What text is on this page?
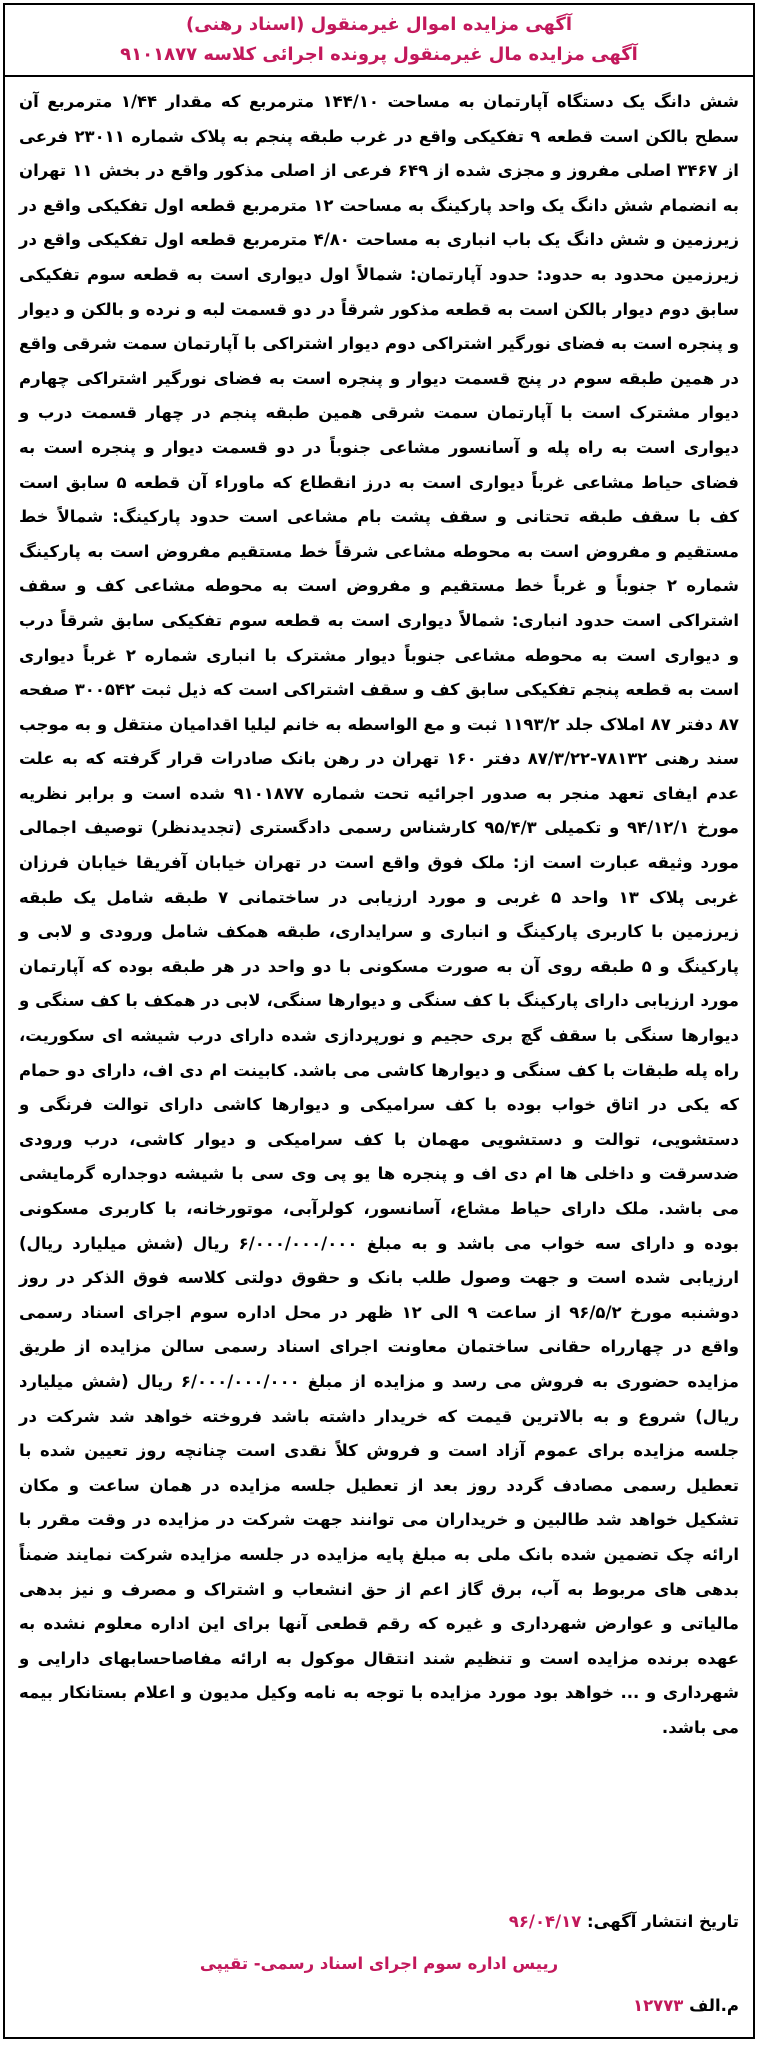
آگهی مزایده اموال غیرمنقول (اسناد رهنی)
آگهی مزایده مال غیرمنقول پرونده اجرائی کلاسه ۹۱۰۱۸۷۷
شش دانگ یک دستگاه آپارتمان به مساحت ۱۴۴/۱۰ مترمربع که مقدار ۱/۴۴ مترمربع آن سطح بالکن است قطعه ۹ تفکیکی واقع در غرب طبقه پنجم به پلاک شماره ۲۳۰۱۱ فرعی از ۳۴۶۷ اصلی مفروز و مجزی شده از ۶۴۹ فرعی از اصلی مذکور واقع در بخش ۱۱ تهران به انضمام شش دانگ یک واحد پارکینگ به مساحت ۱۲ مترمربع قطعه اول تفکیکی واقع در زیرزمین و شش دانگ یک باب انباری به مساحت ۴/۸۰ مترمربع قطعه اول تفکیکی واقع در زیرزمین محدود به حدود: حدود آپارتمان: شمالاً اول دیواری است به قطعه سوم تفکیکی سابق دوم دیوار بالکن است به قطعه مذکور شرقاً در دو قسمت لبه و نرده و بالکن و دیوار و پنجره است به فضای نورگیر اشتراکی دوم دیوار اشتراکی با آپارتمان سمت شرقی واقع در همین طبقه سوم در پنج قسمت دیوار و پنجره است به فضای نورگیر اشتراکی چهارم دیوار مشترک است با آپارتمان سمت شرقی همین طبقه پنجم در چهار قسمت درب و دیواری است به راه پله و آسانسور مشاعی جنوباً در دو قسمت دیوار و پنجره است به فضای حیاط مشاعی غرباً دیواری است به درز انقطاع که ماوراء آن قطعه ۵ سابق است کف با سقف طبقه تحتانی و سقف پشت بام مشاعی است حدود پارکینگ: شمالاً خط مستقیم و مفروض است به محوطه مشاعی شرقاً خط مستقیم مفروض است به پارکینگ شماره ۲ جنوباً و غرباً خط مستقیم و مفروض است به محوطه مشاعی کف و سقف اشتراکی است حدود انباری: شمالاً دیواری است به قطعه سوم تفکیکی سابق شرقاً درب و دیواری است به محوطه مشاعی جنوباً دیوار مشترک با انباری شماره ۲ غرباً دیواری است به قطعه پنجم تفکیکی سابق کف و سقف اشتراکی است که ذیل ثبت ۳۰۰۵۴۲ صفحه ۸۷ دفتر ۸۷ املاک جلد ۱۱۹۳/۲ ثبت و مع الواسطه به خانم لیلیا اقدامیان منتقل و به موجب سند رهنی ۷۸۱۳۲-۸۷/۳/۲۲ دفتر ۱۶۰ تهران در رهن بانک صادرات قرار گرفته که به علت عدم ایفای تعهد منجر به صدور اجرائیه تحت شماره ۹۱۰۱۸۷۷ شده است و برابر نظریه مورخ ۹۴/۱۲/۱ و تکمیلی ۹۵/۴/۳ کارشناس رسمی دادگستری (تجدیدنظر) توصیف اجمالی مورد وثیقه عبارت است از: ملک فوق واقع است در تهران خیابان آفریقا خیابان فرزان غربی پلاک ۱۳ واحد ۵ غربی و مورد ارزیابی در ساختمانی ۷ طبقه شامل یک طبقه زیرزمین با کاربری پارکینگ و انباری و سرایداری، طبقه همکف شامل ورودی و لابی و پارکینگ و ۵ طبقه روی آن به صورت مسکونی با دو واحد در هر طبقه بوده که آپارتمان مورد ارزیابی دارای پارکینگ با کف سنگی و دیوارها سنگی، لابی در همکف با کف سنگی و دیوارها سنگی با سقف گچ بری حجیم و نورپردازی شده دارای درب شیشه ای سکوریت، راه پله طبقات با کف سنگی و دیوارها کاشی می باشد. کابینت ام دی اف، دارای دو حمام که یکی در اتاق خواب بوده با کف سرامیکی و دیوارها کاشی دارای توالت فرنگی و دستشویی، توالت و دستشویی مهمان با کف سرامیکی و دیوار کاشی، درب ورودی ضدسرقت و داخلی ها ام دی اف و پنجره ها یو پی وی سی با شیشه دوجداره گرمایشی می باشد. ملک دارای حیاط مشاع، آسانسور، کولرآبی، موتورخانه، با کاربری مسکونی بوده و دارای سه خواب می باشد و به مبلغ ۶/۰۰۰/۰۰۰/۰۰۰ ریال (شش میلیارد ریال) ارزیابی شده است و جهت وصول طلب بانک و حقوق دولتی کلاسه فوق الذکر در روز دوشنبه مورخ ۹۶/۵/۲ از ساعت ۹ الی ۱۲ ظهر در محل اداره سوم اجرای اسناد رسمی واقع در چهارراه حقانی ساختمان معاونت اجرای اسناد رسمی سالن مزایده از طریق مزایده حضوری به فروش می رسد و مزایده از مبلغ ۶/۰۰۰/۰۰۰/۰۰۰ ریال (شش میلیارد ریال) شروع و به بالاترین قیمت که خریدار داشته باشد فروخته خواهد شد شرکت در جلسه مزایده برای عموم آزاد است و فروش کلاً نقدی است چنانچه روز تعیین شده با تعطیل رسمی مصادف گردد روز بعد از تعطیل جلسه مزایده در همان ساعت و مکان تشکیل خواهد شد طالبین و خریداران می توانند جهت شرکت در مزایده در وقت مقرر با ارائه چک تضمین شده بانک ملی به مبلغ پایه مزایده در جلسه مزایده شرکت نمایند ضمناً بدهی های مربوط به آب، برق گاز اعم از حق انشعاب و اشتراک و مصرف و نیز بدهی مالیاتی و عوارض شهرداری و غیره که رقم قطعی آنها برای این اداره معلوم نشده به عهده برنده مزایده است و تنظیم شند انتقال موکول به ارائه مفاصاحسابهای دارایی و شهرداری و ... خواهد بود مورد مزایده با توجه به نامه وکیل مدیون و اعلام بستانکار بیمه می باشد.
تاریخ انتشار آگهی: ۹۶/۰۴/۱۷
رییس اداره سوم اجرای اسناد رسمی- تقیپی
م.الف ۱۲۷۷۳
